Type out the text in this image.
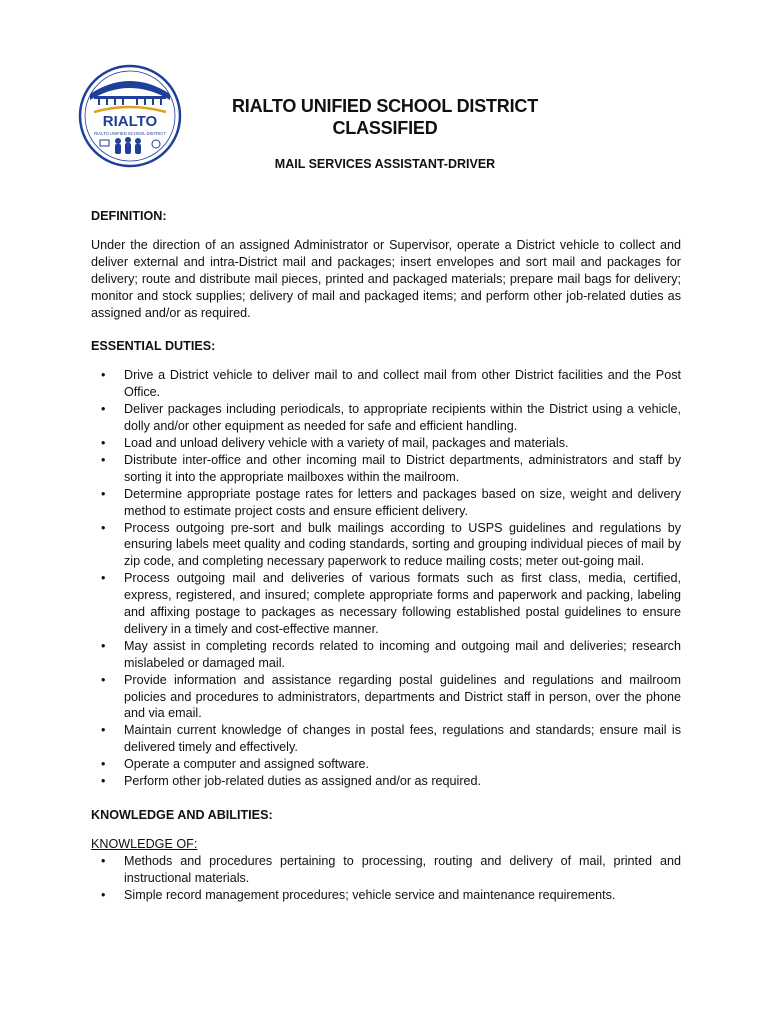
RIALTO
RIALTO UNIFIED SCHOOL DISTRICT
RIALTO UNIFIED SCHOOL DISTRICT
CLASSIFIED
MAIL SERVICES ASSISTANT-DRIVER
DEFINITION:

Under the direction of an assigned Administrator or Supervisor, operate a District vehicle to collect and deliver external and intra-District mail and packages; insert envelopes and sort mail and packages for delivery; route and distribute mail pieces, printed and packaged materials; prepare mail bags for delivery; monitor and stock supplies; delivery of mail and packaged items; and perform other job-related duties as assigned and/or as required.

ESSENTIAL DUTIES:
• Drive a District vehicle to deliver mail to and collect mail from other District facilities and the Post Office.
• Deliver packages including periodicals, to appropriate recipients within the District using a vehicle, dolly and/or other equipment as needed for safe and efficient handling.
• Load and unload delivery vehicle with a variety of mail, packages and materials.
• Distribute inter-office and other incoming mail to District departments, administrators and staff by sorting it into the appropriate mailboxes within the mailroom.
• Determine appropriate postage rates for letters and packages based on size, weight and delivery method to estimate project costs and ensure efficient delivery.
• Process outgoing pre-sort and bulk mailings according to USPS guidelines and regulations by ensuring labels meet quality and coding standards, sorting and grouping individual pieces of mail by zip code, and completing necessary paperwork to reduce mailing costs; meter out-going mail.
• Process outgoing mail and deliveries of various formats such as first class, media, certified, express, registered, and insured; complete appropriate forms and paperwork and packing, labeling and affixing postage to packages as necessary following established postal guidelines to ensure delivery in a timely and cost-effective manner.
• May assist in completing records related to incoming and outgoing mail and deliveries; research mislabeled or damaged mail.
• Provide information and assistance regarding postal guidelines and regulations and mailroom policies and procedures to administrators, departments and District staff in person, over the phone and via email.
• Maintain current knowledge of changes in postal fees, regulations and standards; ensure mail is delivered timely and effectively.
• Operate a computer and assigned software.
• Perform other job-related duties as assigned and/or as required.
KNOWLEDGE AND ABILITIES:
KNOWLEDGE OF:
• Methods and procedures pertaining to processing, routing and delivery of mail, printed and instructional materials.
• Simple record management procedures; vehicle service and maintenance requirements.
